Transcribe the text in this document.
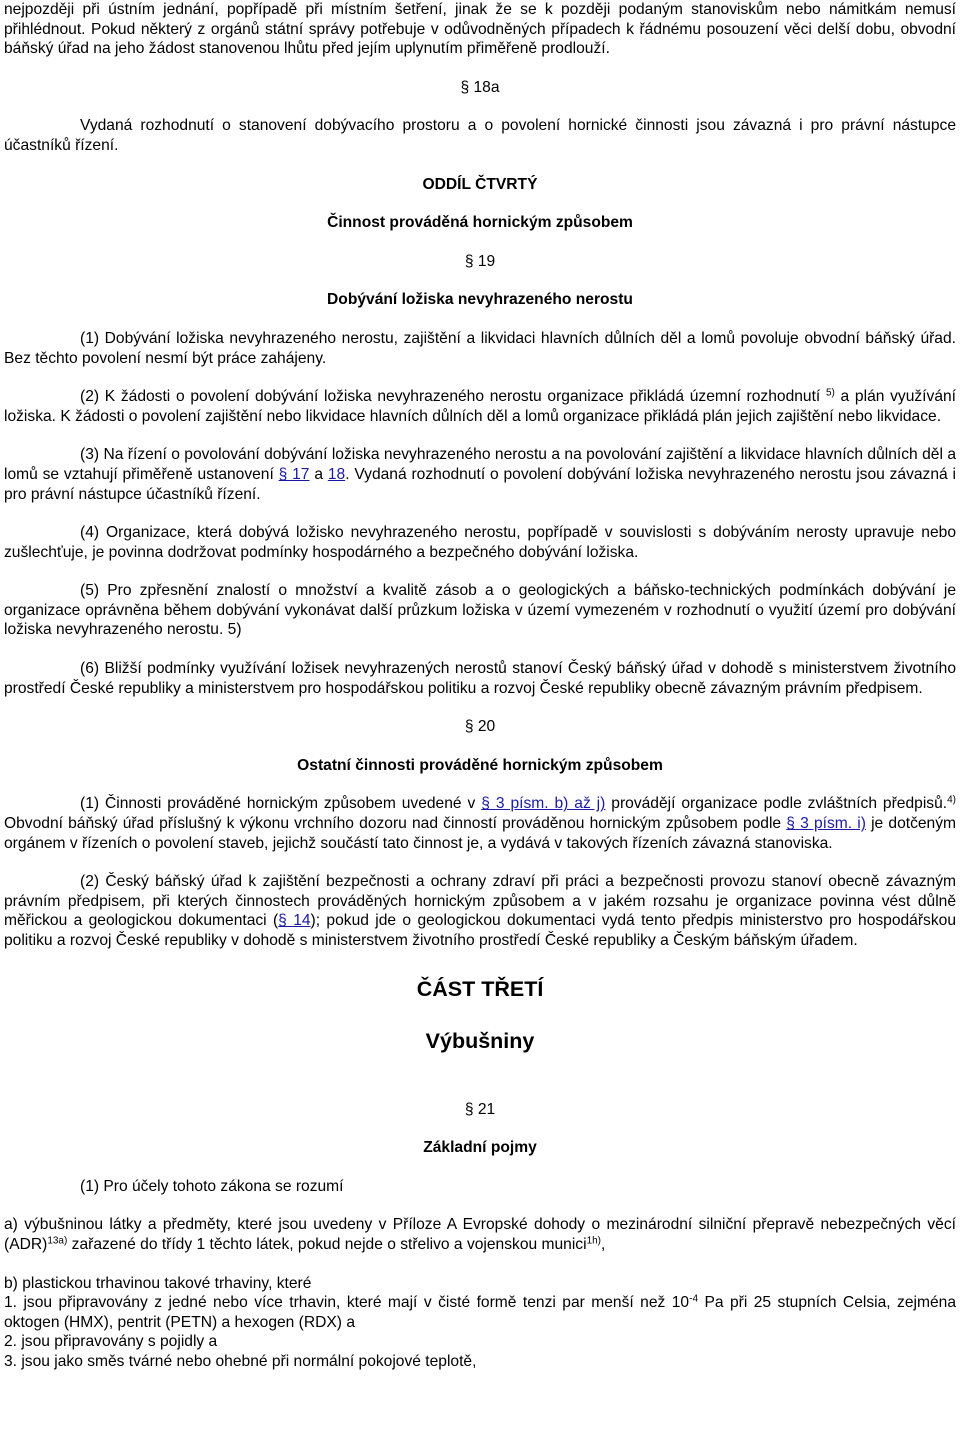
nejpozději při ústním jednání, popřípadě při místním šetření, jinak že se k později podaným stanoviskům nebo námitkám nemusí přihlédnout. Pokud některý z orgánů státní správy potřebuje v odůvodněných případech k řádnému posouzení věci delší dobu, obvodní báňský úřad na jeho žádost stanovenou lhůtu před jejím uplynutím přiměřeně prodlouží.

§ 18a

Vydaná rozhodnutí o stanovení dobývacího prostoru a o povolení hornické činnosti jsou závazná i pro právní nástupce účastníků řízení.

ODDÍL ČTVRTÝ

Činnost prováděná hornickým způsobem

§ 19

Dobývání ložiska nevyhrazeného nerostu

(1) Dobývání ložiska nevyhrazeného nerostu, zajištění a likvidaci hlavních důlních děl a lomů povoluje obvodní báňský úřad. Bez těchto povolení nesmí být práce zahájeny.

(2) K žádosti o povolení dobývání ložiska nevyhrazeného nerostu organizace přikládá územní rozhodnutí $^{5)}$ a plán využívání ložiska. K žádosti o povolení zajištění nebo likvidace hlavních důlních děl a lomů organizace přikládá plán jejich zajištění nebo likvidace.

(3) Na řízení o povolování dobývání ložiska nevyhrazeného nerostu a na povolování zajištění a likvidace hlavních důlních děl a lomů se vztahují přiměřeně ustanovení § 17 a 18. Vydaná rozhodnutí o povolení dobývání ložiska nevyhrazeného nerostu jsou závazná i pro právní nástupce účastníků řízení.

(4) Organizace, která dobývá ložisko nevyhrazeného nerostu, popřípadě v souvislosti s dobýváním nerosty upravuje nebo zušlechťuje, je povinna dodržovat podmínky hospodárného a bezpečného dobývání ložiska.

(5) Pro zpřesnění znalostí o množství a kvalitě zásob a o geologických a báňsko-technických podmínkách dobývání je organizace oprávněna během dobývání vykonávat další průzkum ložiska v území vymezeném v rozhodnutí o využití území pro dobývání ložiska nevyhrazeného nerostu. 5)

(6) Bližší podmínky využívání ložisek nevyhrazených nerostů stanoví Český báňský úřad v dohodě s ministerstvem životního prostředí České republiky a ministerstvem pro hospodářskou politiku a rozvoj České republiky obecně závazným právním předpisem.

§ 20

Ostatní činnosti prováděné hornickým způsobem

(1) Činnosti prováděné hornickým způsobem uvedené v § 3 písm. b) až j) provádějí organizace podle zvláštních předpisů.$^{4)}$ Obvodní báňský úřad příslušný k výkonu vrchního dozoru nad činností prováděnou hornickým způsobem podle § 3 písm. i) je dotčeným orgánem v řízeních o povolení staveb, jejichž součástí tato činnost je, a vydává v takových řízeních závazná stanoviska.

(2) Český báňský úřad k zajištění bezpečnosti a ochrany zdraví při práci a bezpečnosti provozu stanoví obecně závazným právním předpisem, při kterých činnostech prováděných hornickým způsobem a v jakém rozsahu je organizace povinna vést důlně měřickou a geologickou dokumentaci (§ 14); pokud jde o geologickou dokumentaci vydá tento předpis ministerstvo pro hospodářskou politiku a rozvoj České republiky v dohodě s ministerstvem životního prostředí České republiky a Českým báňským úřadem.

ČÁST TŘETÍ

Výbušniny

§ 21

Základní pojmy

(1) Pro účely tohoto zákona se rozumí

a) výbušninou látky a předměty, které jsou uvedeny v Příloze A Evropské dohody o mezinárodní silniční přepravě nebezpečných věcí (ADR)$^{13a)}$ zařazené do třídy 1 těchto látek, pokud nejde o střelivo a vojenskou munici$^{1h)}$,

b) plastickou trhavinou takové trhaviny, které

1. jsou připravovány z jedné nebo více trhavin, které mají v čisté formě tenzi par menší než $10^{-4}$ Pa při 25 stupních Celsia, zejména oktogen (HMX), pentrit (PETN) a hexogen (RDX) a

2. jsou připravovány s pojidly a

3. jsou jako směs tvárné nebo ohebné při normální pokojové teplotě,
